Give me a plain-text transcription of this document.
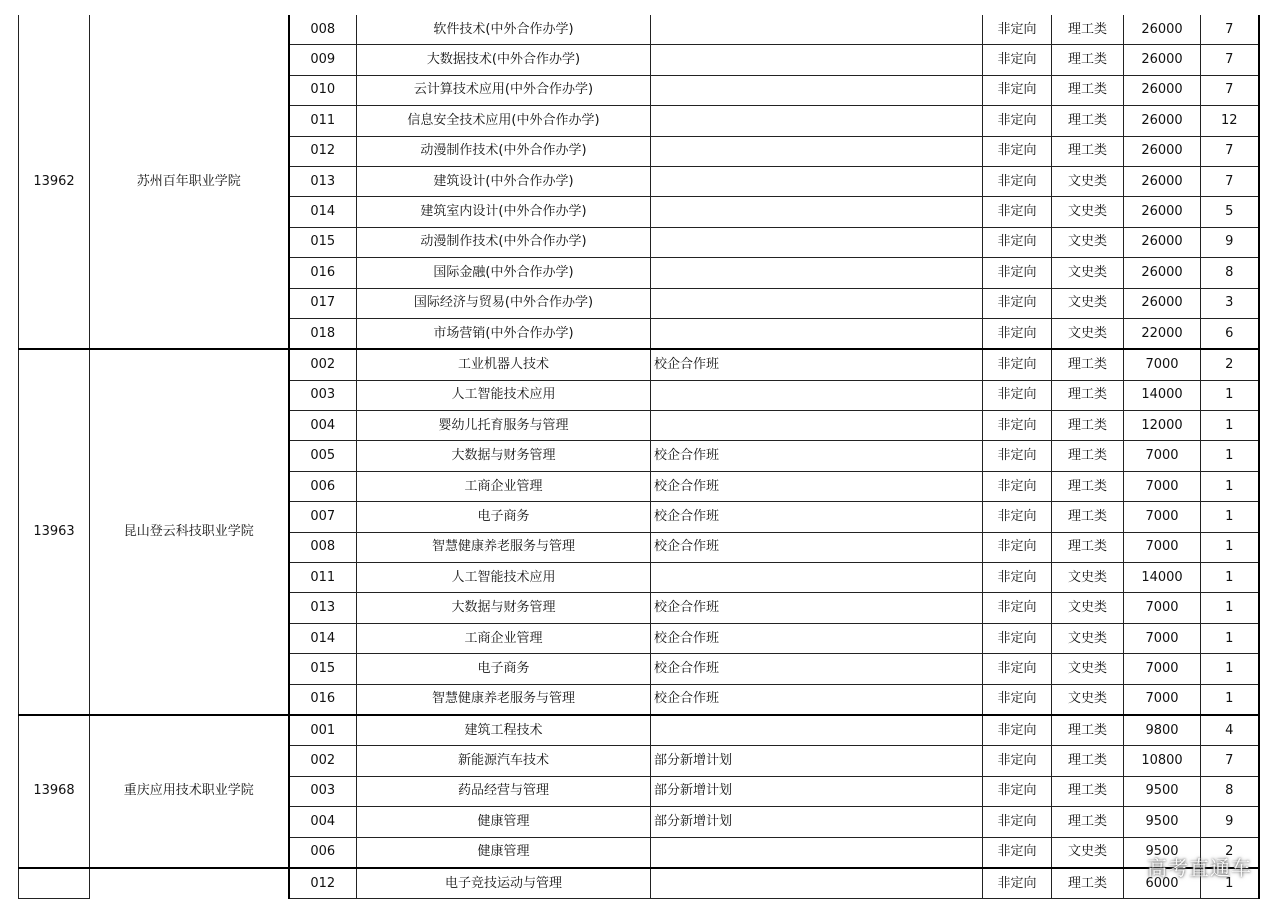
13962	苏州百年职业学院	008	软件技术(中外合作办学)		非定向	理工类	26000	7
		009	大数据技术(中外合作办学)		非定向	理工类	26000	7
		010	云计算技术应用(中外合作办学)		非定向	理工类	26000	7
		011	信息安全技术应用(中外合作办学)		非定向	理工类	26000	12
		012	动漫制作技术(中外合作办学)		非定向	理工类	26000	7
		013	建筑设计(中外合作办学)		非定向	文史类	26000	7
		014	建筑室内设计(中外合作办学)		非定向	文史类	26000	5
		015	动漫制作技术(中外合作办学)		非定向	文史类	26000	9
		016	国际金融(中外合作办学)		非定向	文史类	26000	8
		017	国际经济与贸易(中外合作办学)		非定向	文史类	26000	3
		018	市场营销(中外合作办学)		非定向	文史类	22000	6
13963	昆山登云科技职业学院	002	工业机器人技术	校企合作班	非定向	理工类	7000	2
		003	人工智能技术应用		非定向	理工类	14000	1
		004	婴幼儿托育服务与管理		非定向	理工类	12000	1
		005	大数据与财务管理	校企合作班	非定向	理工类	7000	1
		006	工商企业管理	校企合作班	非定向	理工类	7000	1
		007	电子商务	校企合作班	非定向	理工类	7000	1
		008	智慧健康养老服务与管理	校企合作班	非定向	理工类	7000	1
		011	人工智能技术应用		非定向	文史类	14000	1
		013	大数据与财务管理	校企合作班	非定向	文史类	7000	1
		014	工商企业管理	校企合作班	非定向	文史类	7000	1
		015	电子商务	校企合作班	非定向	文史类	7000	1
		016	智慧健康养老服务与管理	校企合作班	非定向	文史类	7000	1
13968	重庆应用技术职业学院	001	建筑工程技术		非定向	理工类	9800	4
		002	新能源汽车技术	部分新增计划	非定向	理工类	10800	7
		003	药品经营与管理	部分新增计划	非定向	理工类	9500	8
		004	健康管理	部分新增计划	非定向	理工类	9500	9
		006	健康管理		非定向	文史类	9500	2
		012	电子竞技运动与管理		非定向	理工类	6000	1
高考直通车
